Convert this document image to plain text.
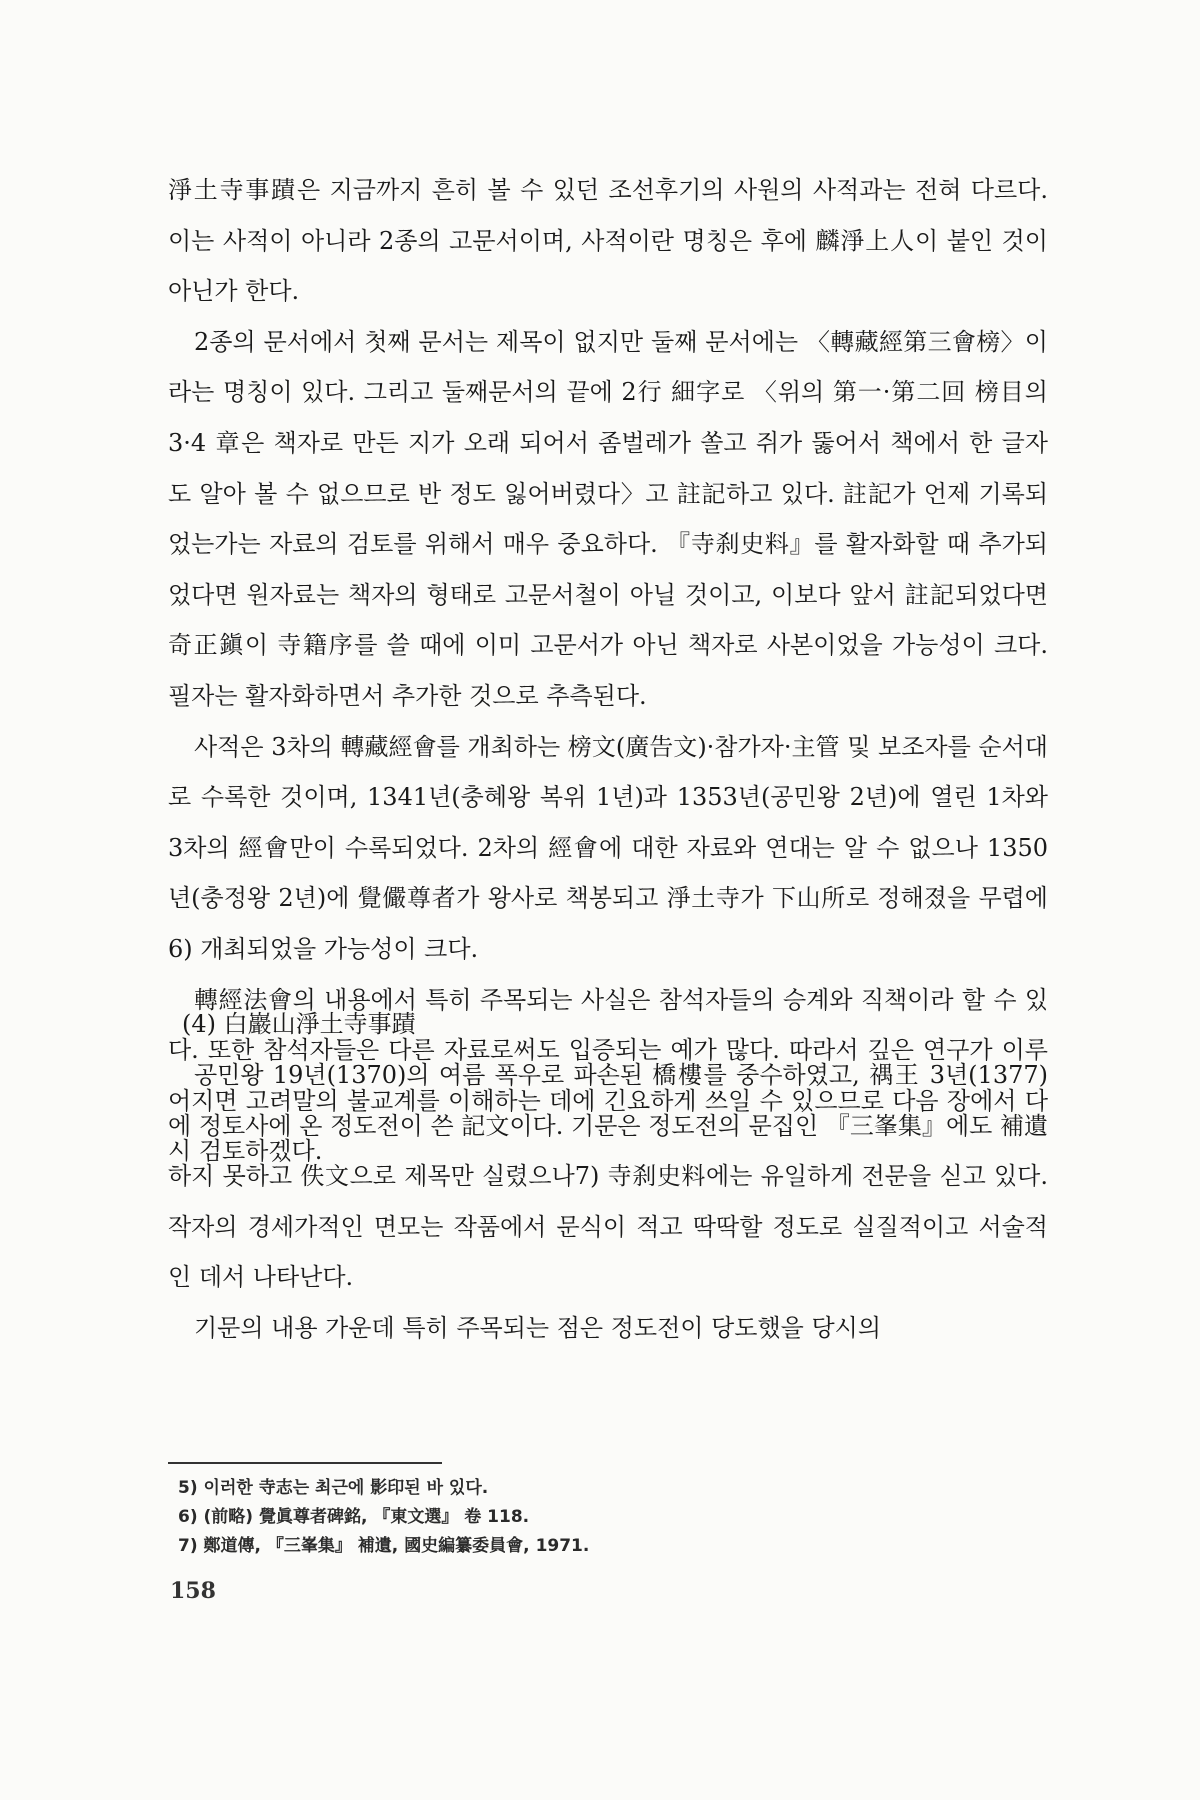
淨土寺事蹟은 지금까지 흔히 볼 수 있던 조선후기의 사원의 사적과는 전혀 다르다. 이는 사적이 아니라 2종의 고문서이며, 사적이란 명칭은 후에 麟淨上人이 붙인 것이 아닌가 한다.

2종의 문서에서 첫째 문서는 제목이 없지만 둘째 문서에는 〈轉藏經第三會榜〉이라는 명칭이 있다. 그리고 둘째문서의 끝에 2行 細字로 〈위의 第一·第二回 榜目의 3·4 章은 책자로 만든 지가 오래 되어서 좀벌레가 쏠고 쥐가 뚫어서 책에서 한 글자도 알아 볼 수 없으므로 반 정도 잃어버렸다〉고 註記하고 있다. 註記가 언제 기록되었는가는 자료의 검토를 위해서 매우 중요하다. 『寺刹史料』를 활자화할 때 추가되었다면 원자료는 책자의 형태로 고문서철이 아닐 것이고, 이보다 앞서 註記되었다면 奇正鎭이 寺籍序를 쓸 때에 이미 고문서가 아닌 책자로 사본이었을 가능성이 크다. 필자는 활자화하면서 추가한 것으로 추측된다.

사적은 3차의 轉藏經會를 개최하는 榜文(廣告文)·참가자·主管 및 보조자를 순서대로 수록한 것이며, 1341년(충혜왕 복위 1년)과 1353년(공민왕 2년)에 열린 1차와 3차의 經會만이 수록되었다. 2차의 經會에 대한 자료와 연대는 알 수 없으나 1350년(충정왕 2년)에 覺儼尊者가 왕사로 책봉되고 淨土寺가 下山所로 정해졌을 무렵에6) 개최되었을 가능성이 크다.

轉經法會의 내용에서 특히 주목되는 사실은 참석자들의 승계와 직책이라 할 수 있다. 또한 참석자들은 다른 자료로써도 입증되는 예가 많다. 따라서 깊은 연구가 이루어지면 고려말의 불교계를 이해하는 데에 긴요하게 쓰일 수 있으므로 다음 장에서 다시 검토하겠다.

(4) 白巖山淨土寺事蹟

공민왕 19년(1370)의 여름 폭우로 파손된 橋樓를 중수하였고, 禑王 3년(1377)에 정토사에 온 정도전이 쓴 記文이다. 기문은 정도전의 문집인 『三峯集』에도 補遺하지 못하고 佚文으로 제목만 실렸으나7) 寺刹史料에는 유일하게 전문을 싣고 있다. 작자의 경세가적인 면모는 작품에서 문식이 적고 딱딱할 정도로 실질적이고 서술적인 데서 나타난다.

기문의 내용 가운데 특히 주목되는 점은 정도전이 당도했을 당시의

5) 이러한 寺志는 최근에 影印된 바 있다.
6) (前略) 覺眞尊者碑銘, 『東文選』 卷 118.
7) 鄭道傳, 『三峯集』 補遺, 國史編纂委員會, 1971.
158
